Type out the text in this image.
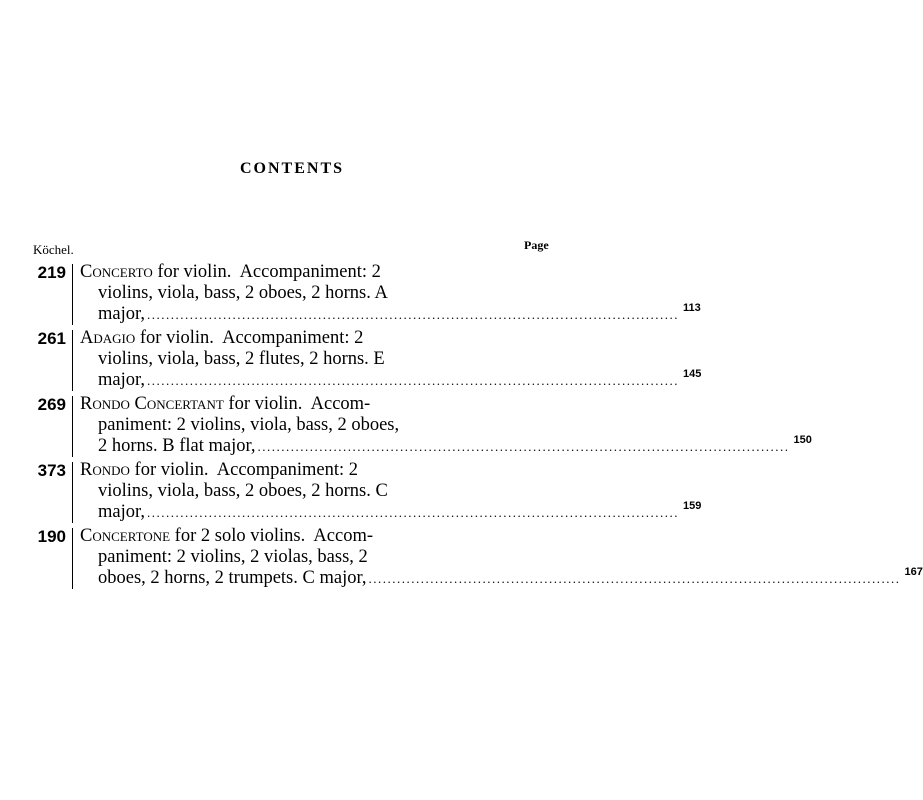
CONTENTS
Köchel.	Page
219 Concerto for violin.  Accompaniment: 2
violins, viola, bass, 2 oboes, 2 horns. A
major, ................................................................................................................ 113
261 Adagio for violin.  Accompaniment: 2
violins, viola, bass, 2 flutes, 2 horns. E
major, ................................................................................................................ 145
269 Rondo Concertant for violin.  Accom-
paniment: 2 violins, viola, bass, 2 oboes,
2 horns. B flat major, ................................................................................................................ 150
373 Rondo for violin.  Accompaniment: 2
violins, viola, bass, 2 oboes, 2 horns. C
major, ................................................................................................................ 159
190 Concertone for 2 solo violins.  Accom-
paniment: 2 violins, 2 violas, bass, 2
oboes, 2 horns, 2 trumpets. C major, ................................................................................................................ 167
